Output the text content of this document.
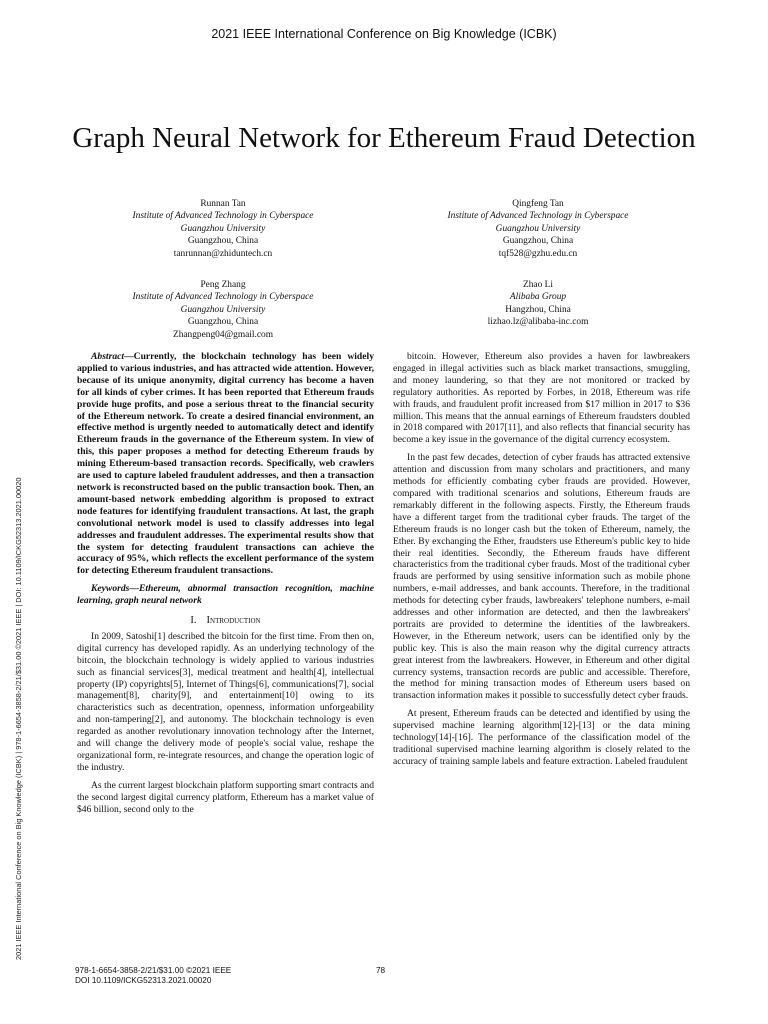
2021 IEEE International Conference on Big Knowledge (ICBK)
Graph Neural Network for Ethereum Fraud Detection
Runnan Tan
Institute of Advanced Technology in Cyberspace
Guangzhou University
Guangzhou, China
tanrunnan@zhiduntech.cn
Qingfeng Tan
Institute of Advanced Technology in Cyberspace
Guangzhou University
Guangzhou, China
tqf528@gzhu.edu.cn
Peng Zhang
Institute of Advanced Technology in Cyberspace
Guangzhou University
Guangzhou, China
Zhangpeng04@gmail.com
Zhao Li
Alibaba Group
Hangzhou, China
lizhao.lz@alibaba-inc.com
2021 IEEE International Conference on Big Knowledge (ICBK) | 978-1-6654-3858-2/21/$31.00 ©2021 IEEE | DOI: 10.1109/ICKG52313.2021.00020

Abstract—Currently, the blockchain technology has been widely applied to various industries, and has attracted wide attention. However, because of its unique anonymity, digital currency has become a haven for all kinds of cyber crimes. It has been reported that Ethereum frauds provide huge profits, and pose a serious threat to the financial security of the Ethereum network. To create a desired financial environment, an effective method is urgently needed to automatically detect and identify Ethereum frauds in the governance of the Ethereum system. In view of this, this paper proposes a method for detecting Ethereum frauds by mining Ethereum-based transaction records. Specifically, web crawlers are used to capture labeled fraudulent addresses, and then a transaction network is reconstructed based on the public transaction book. Then, an amount-based network embedding algorithm is proposed to extract node features for identifying fraudulent transactions. At last, the graph convolutional network model is used to classify addresses into legal addresses and fraudulent addresses. The experimental results show that the system for detecting fraudulent transactions can achieve the accuracy of 95%, which reflects the excellent performance of the system for detecting Ethereum fraudulent transactions.

Keywords—Ethereum, abnormal transaction recognition, machine learning, graph neural network

I. Introduction

In 2009, Satoshi[1] described the bitcoin for the first time. From then on, digital currency has developed rapidly. As an underlying technology of the bitcoin, the blockchain technology is widely applied to various industries such as financial services[3], medical treatment and health[4], intellectual property (IP) copyrights[5], Internet of Things[6], communications[7], social management[8], charity[9], and entertainment[10] owing to its characteristics such as decentration, openness, information unforgeability and non-tampering[2], and autonomy. The blockchain technology is even regarded as another revolutionary innovation technology after the Internet, and will change the delivery mode of people's social value, reshape the organizational form, re-integrate resources, and change the operation logic of the industry.

As the current largest blockchain platform supporting smart contracts and the second largest digital currency platform, Ethereum has a market value of $46 billion, second only to the

bitcoin. However, Ethereum also provides a haven for lawbreakers engaged in illegal activities such as black market transactions, smuggling, and money laundering, so that they are not monitored or tracked by regulatory authorities. As reported by Forbes, in 2018, Ethereum was rife with frauds, and fraudulent profit increased from $17 million in 2017 to $36 million. This means that the annual earnings of Ethereum fraudsters doubled in 2018 compared with 2017[11], and also reflects that financial security has become a key issue in the governance of the digital currency ecosystem.

In the past few decades, detection of cyber frauds has attracted extensive attention and discussion from many scholars and practitioners, and many methods for efficiently combating cyber frauds are provided. However, compared with traditional scenarios and solutions, Ethereum frauds are remarkably different in the following aspects. Firstly, the Ethereum frauds have a different target from the traditional cyber frauds. The target of the Ethereum frauds is no longer cash but the token of Ethereum, namely, the Ether. By exchanging the Ether, fraudsters use Ethereum's public key to hide their real identities. Secondly, the Ethereum frauds have different characteristics from the traditional cyber frauds. Most of the traditional cyber frauds are performed by using sensitive information such as mobile phone numbers, e-mail addresses, and bank accounts. Therefore, in the traditional methods for detecting cyber frauds, lawbreakers' telephone numbers, e-mail addresses and other information are detected, and then the lawbreakers' portraits are provided to determine the identities of the lawbreakers. However, in the Ethereum network, users can be identified only by the public key. This is also the main reason why the digital currency attracts great interest from the lawbreakers. However, in Ethereum and other digital currency systems, transaction records are public and accessible. Therefore, the method for mining transaction modes of Ethereum users based on transaction information makes it possible to successfully detect cyber frauds.

At present, Ethereum frauds can be detected and identified by using the supervised machine learning algorithm[12]-[13] or the data mining technology[14]-[16]. The performance of the classification model of the traditional supervised machine learning algorithm is closely related to the accuracy of training sample labels and feature extraction. Labeled fraudulent

978-1-6654-3858-2/21/$31.00 ©2021 IEEE
DOI 10.1109/ICKG52313.2021.00020
78
